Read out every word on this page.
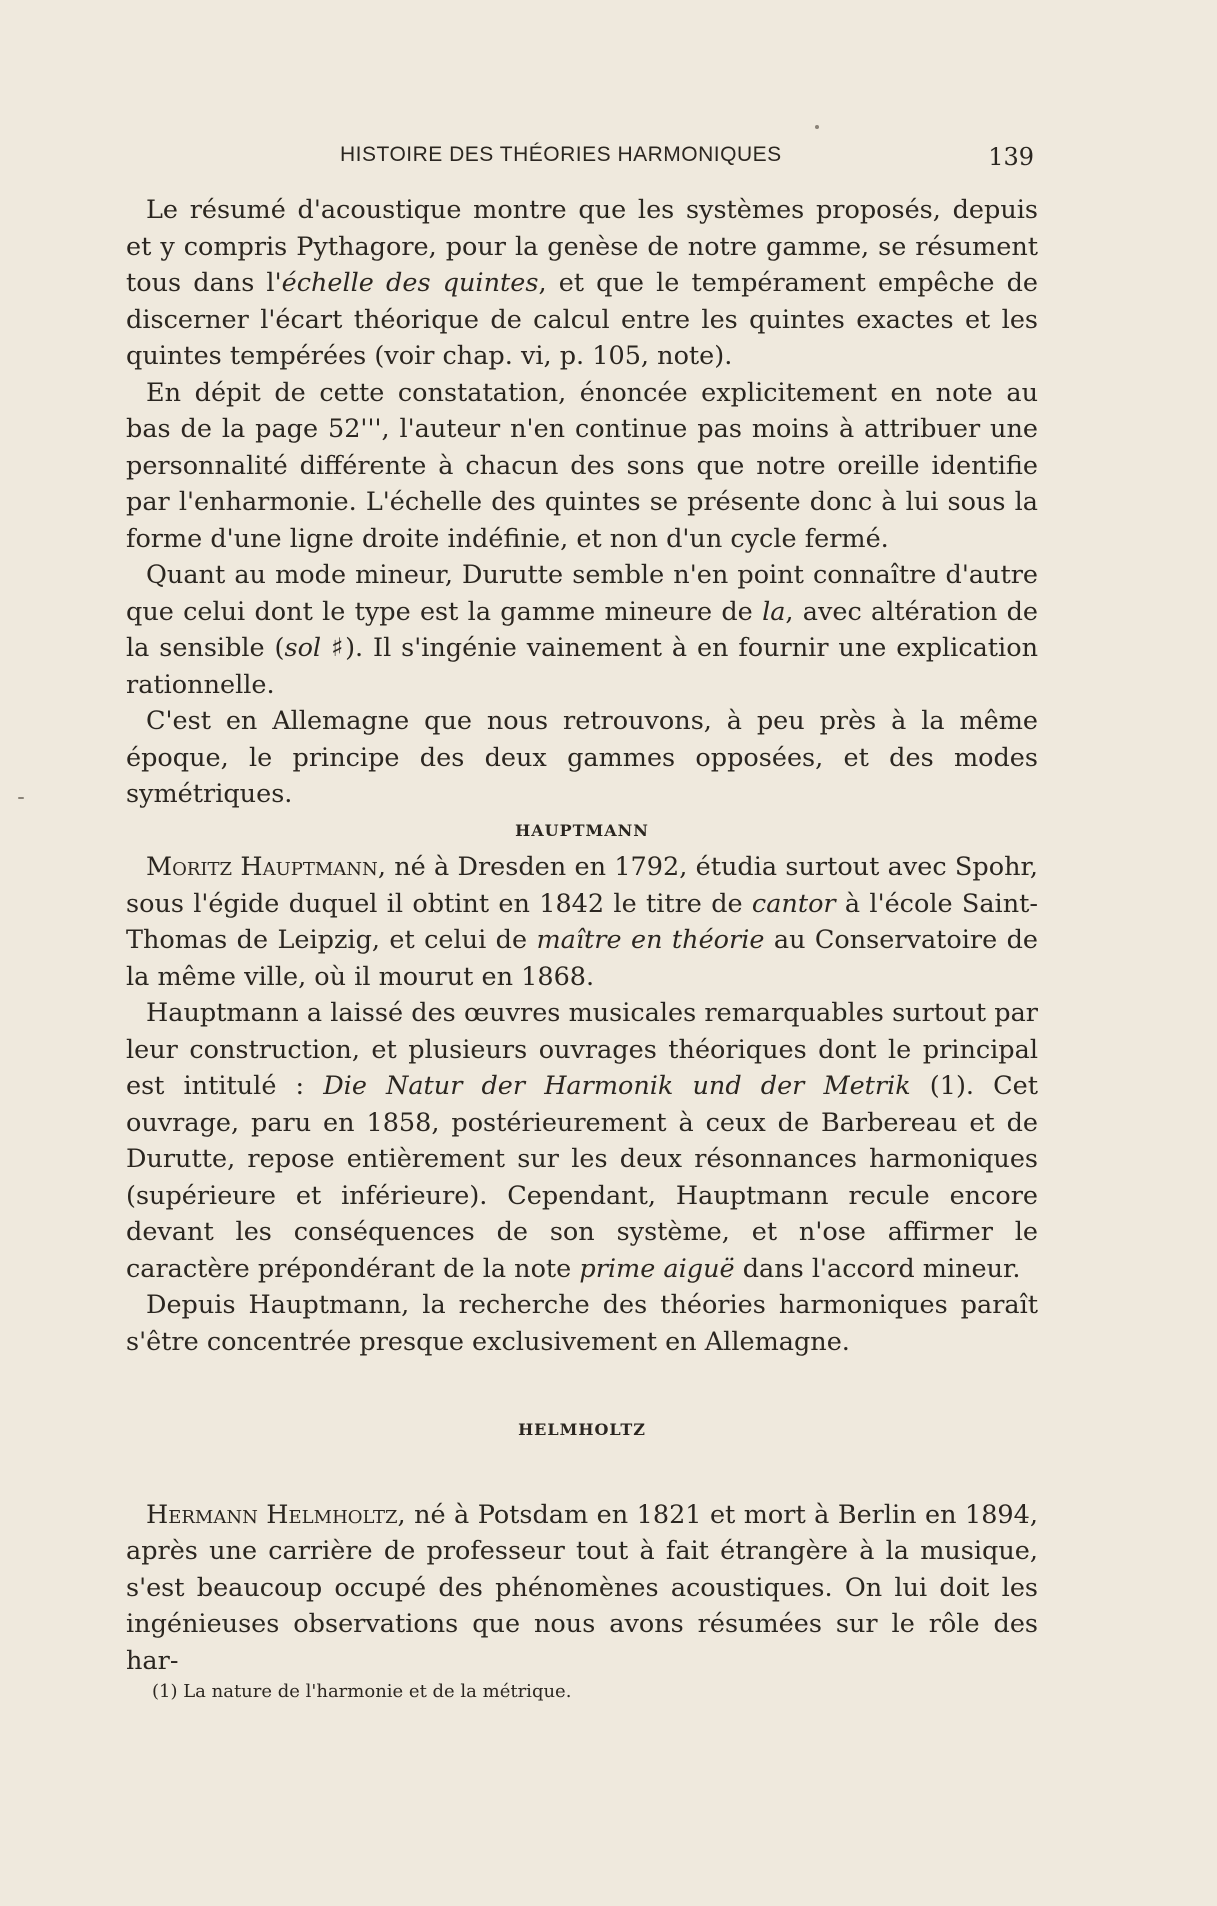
HISTOIRE DES THÉORIES HARMONIQUES	139

Le résumé d'acoustique montre que les systèmes proposés, depuis et y compris Pythagore, pour la genèse de notre gamme, se résument tous dans l'échelle des quintes, et que le tempérament empêche de discerner l'écart théorique de calcul entre les quintes exactes et les quintes tempérées (voir chap. vi, p. 105, note).

En dépit de cette constatation, énoncée explicitement en note au bas de la page 52''', l'auteur n'en continue pas moins à attribuer une personnalité différente à chacun des sons que notre oreille identifie par l'enharmonie. L'échelle des quintes se présente donc à lui sous la forme d'une ligne droite indéfinie, et non d'un cycle fermé.

Quant au mode mineur, Durutte semble n'en point connaître d'autre que celui dont le type est la gamme mineure de la, avec altération de la sensible (sol ♯). Il s'ingénie vainement à en fournir une explication rationnelle.

C'est en Allemagne que nous retrouvons, à peu près à la même époque, le principe des deux gammes opposées, et des modes symétriques.

HAUPTMANN

Moritz Hauptmann, né à Dresden en 1792, étudia surtout avec Spohr, sous l'égide duquel il obtint en 1842 le titre de cantor à l'école Saint-Thomas de Leipzig, et celui de maître en théorie au Conservatoire de la même ville, où il mourut en 1868.

Hauptmann a laissé des œuvres musicales remarquables surtout par leur construction, et plusieurs ouvrages théoriques dont le principal est intitulé : Die Natur der Harmonik und der Metrik (1). Cet ouvrage, paru en 1858, postérieurement à ceux de Barbereau et de Durutte, repose entièrement sur les deux résonnances harmoniques (supérieure et inférieure). Cependant, Hauptmann recule encore devant les conséquences de son système, et n'ose affirmer le caractère prépondérant de la note prime aiguë dans l'accord mineur.

Depuis Hauptmann, la recherche des théories harmoniques paraît s'être concentrée presque exclusivement en Allemagne.

HELMHOLTZ

Hermann Helmholtz, né à Potsdam en 1821 et mort à Berlin en 1894, après une carrière de professeur tout à fait étrangère à la musique, s'est beaucoup occupé des phénomènes acoustiques. On lui doit les ingénieuses observations que nous avons résumées sur le rôle des har-

(1) La nature de l'harmonie et de la métrique.
